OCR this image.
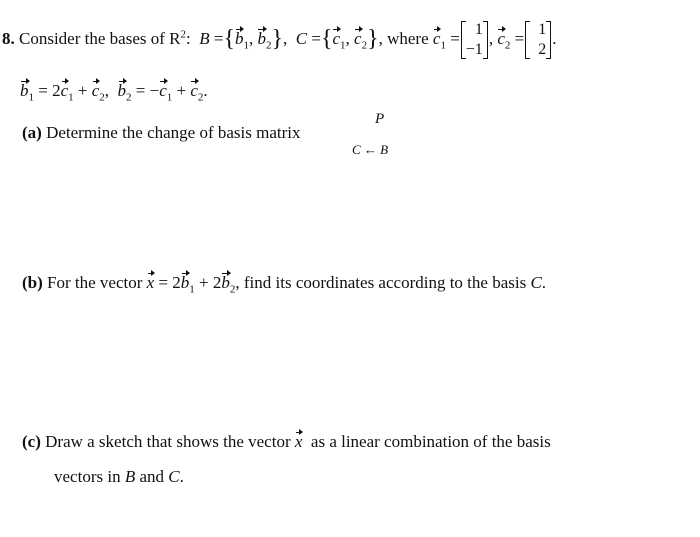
8. Consider the bases of $R^2$: $B =\{b_1$, $b_2$},  $C =\{c_1$, $c_2$}, where $c_1 = 1$
−1
, $c_2 = 1$
2
.
$b_1 = 2c_1 + c_2$,  $b_2 = -c_1 + c_2$.
(a) Determine the change of basis matrix
P
C ← B
(b) For the vector $x = 2b_1 + 2b_2$, find its coordinates according to the basis C.
(c) Draw a sketch that shows the vector x as a linear combination of the basis
vectors in B and C.
